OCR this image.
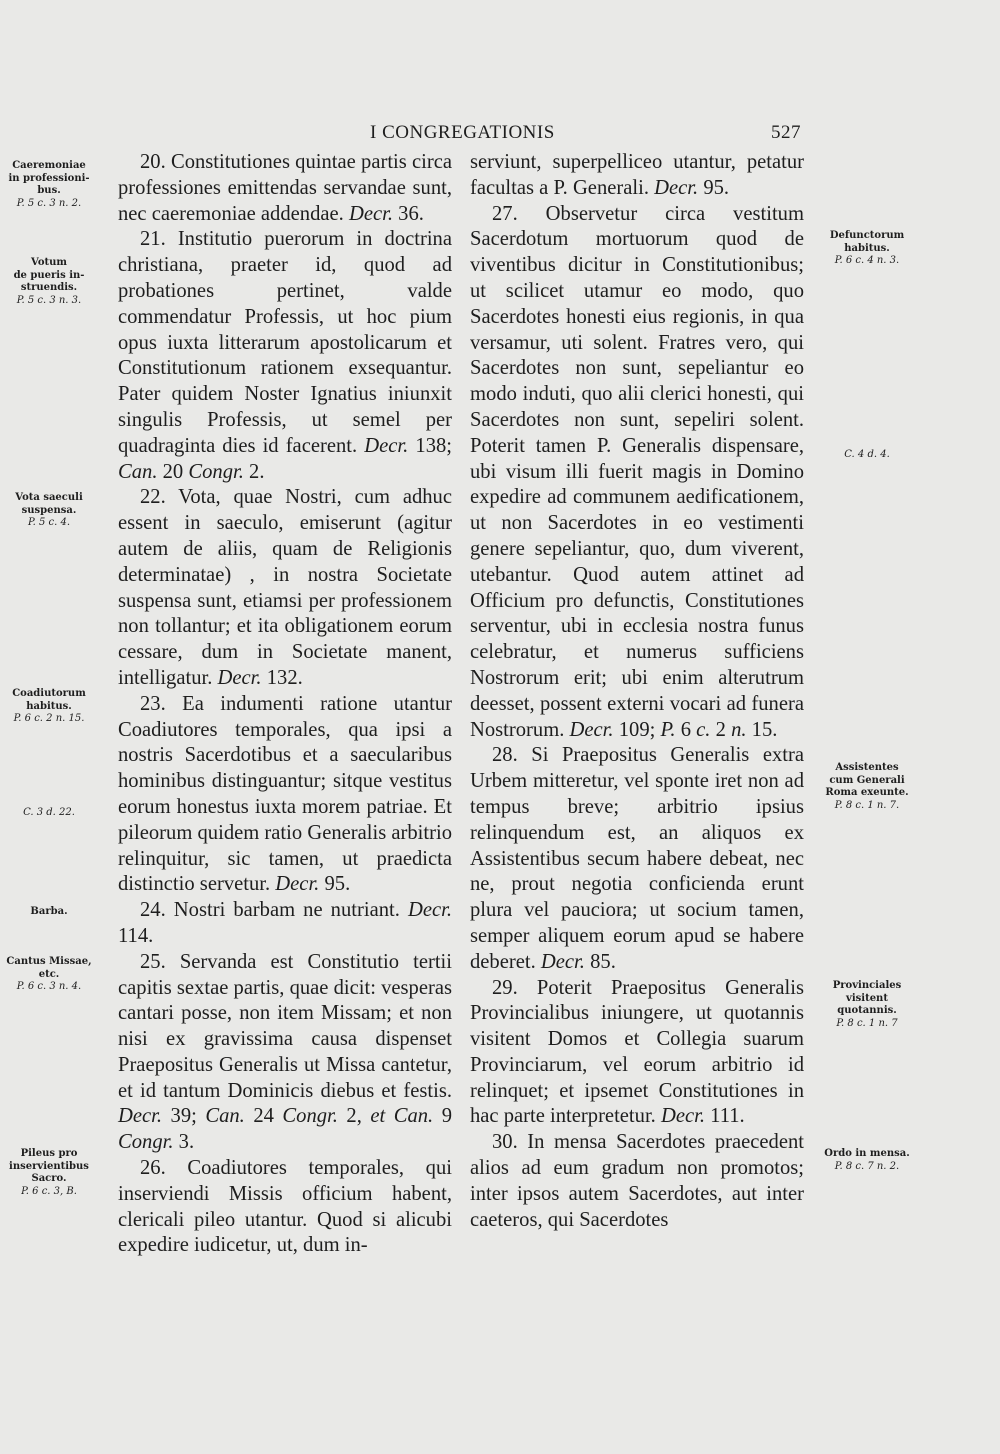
I CONGREGATIONIS	527

20. Constitutiones quintae partis circa professiones emittendas servandae sunt, nec caeremoniae addendae. Decr. 36.

21. Institutio puerorum in doctrina christiana, praeter id, quod ad probationes pertinet, valde commendatur Professis, ut hoc pium opus iuxta litterarum apostolicarum et Constitutionum rationem exsequantur. Pater quidem Noster Ignatius iniunxit singulis Professis, ut semel per quadraginta dies id facerent. Decr. 138; Can. 20 Congr. 2.

22. Vota, quae Nostri, cum adhuc essent in saeculo, emiserunt (agitur autem de aliis, quam de Religionis determinatae) , in nostra Societate suspensa sunt, etiamsi per professionem non tollantur; et ita obligationem eorum cessare, dum in Societate manent, intelligatur. Decr. 132.

23. Ea indumenti ratione utantur Coadiutores temporales, qua ipsi a nostris Sacerdotibus et a saecularibus hominibus distinguantur; sitque vestitus eorum honestus iuxta morem patriae. Et pileorum quidem ratio Generalis arbitrio relinquitur, sic tamen, ut praedicta distinctio servetur. Decr. 95.

24. Nostri barbam ne nutriant. Decr. 114.

25. Servanda est Constitutio tertii capitis sextae partis, quae dicit: vesperas cantari posse, non item Missam; et non nisi ex gravissima causa dispenset Praepositus Generalis ut Missa cantetur, et id tantum Dominicis diebus et festis. Decr. 39; Can. 24 Congr. 2, et Can. 9 Congr. 3.

26. Coadiutores temporales, qui inserviendi Missis officium habent, clericali pileo utantur. Quod si alicubi expedire iudicetur, ut, dum in-

serviunt, superpelliceo utantur, petatur facultas a P. Generali. Decr. 95.

27. Observetur circa vestitum Sacerdotum mortuorum quod de viventibus dicitur in Constitutionibus; ut scilicet utamur eo modo, quo Sacerdotes honesti eius regionis, in qua versamur, uti solent. Fratres vero, qui Sacerdotes non sunt, sepeliantur eo modo induti, quo alii clerici honesti, qui Sacerdotes non sunt, sepeliri solent. Poterit tamen P. Generalis dispensare, ubi visum illi fuerit magis in Domino expedire ad communem aedificationem, ut non Sacerdotes in eo vestimenti genere sepeliantur, quo, dum viverent, utebantur. Quod autem attinet ad Officium pro defunctis, Constitutiones serventur, ubi in ecclesia nostra funus celebratur, et numerus sufficiens Nostrorum erit; ubi enim alterutrum deesset, possent externi vocari ad funera Nostrorum. Decr. 109; P. 6 c. 2 n. 15.

28. Si Praepositus Generalis extra Urbem mitteretur, vel sponte iret non ad tempus breve; arbitrio ipsius relinquendum est, an aliquos ex Assistentibus secum habere debeat, nec ne, prout negotia conficienda erunt plura vel pauciora; ut socium tamen, semper aliquem eorum apud se habere deberet. Decr. 85.

29. Poterit Praepositus Generalis Provincialibus iniungere, ut quotannis visitent Domos et Collegia suarum Provinciarum, vel eorum arbitrio id relinquet; et ipsemet Constitutiones in hac parte interpretetur. Decr. 111.

30. In mensa Sacerdotes praecedent alios ad eum gradum non promotos; inter ipsos autem Sacerdotes, aut inter caeteros, qui Sacerdotes

Caeremoniae
in professioni-
bus.
P. 5 c. 3 n. 2.
Votum
de pueris in-
struendis.
P. 5 c. 3 n. 3.
Vota saeculi
suspensa.
P. 5 c. 4.
Coadiutorum
habitus.
P. 6 c. 2 n. 15.
C. 3 d. 22.
Barba.
Cantus Missae,
etc.
P. 6 c. 3 n. 4.
Pileus pro
inservientibus
Sacro.
P. 6 c. 3, B.
Defunctorum
habitus.
P. 6 c. 4 n. 3.
C. 4 d. 4.
Assistentes
cum Generali
Roma exeunte.
P. 8 c. 1 n. 7.
Provinciales
visitent
quotannis.
P. 8 c. 1 n. 7
Ordo in mensa.
P. 8 c. 7 n. 2.
